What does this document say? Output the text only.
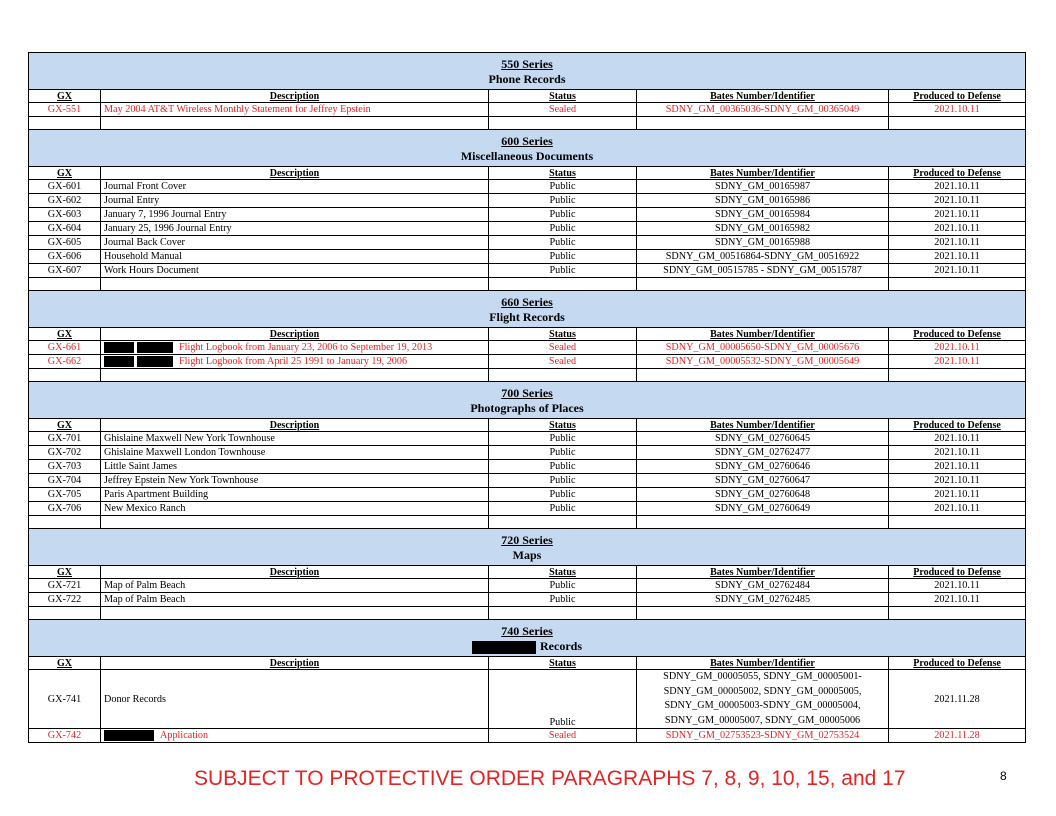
550 Series
Phone Records				

GX	Description	Status	Bates Number/Identifier	Produced to Defense
GX-551	May 2004 AT&T Wireless Monthly Statement for Jeffrey Epstein	Sealed	SDNY_GM_00365036-SDNY_GM_00365049	2021.10.11

600 Series
Miscellaneous Documents				

GX	Description	Status	Bates Number/Identifier	Produced to Defense
GX-601	Journal Front Cover	Public	SDNY_GM_00165987	2021.10.11
GX-602	Journal Entry	Public	SDNY_GM_00165986	2021.10.11
GX-603	January 7, 1996 Journal Entry	Public	SDNY_GM_00165984	2021.10.11
GX-604	January 25, 1996 Journal Entry	Public	SDNY_GM_00165982	2021.10.11
GX-605	Journal Back Cover	Public	SDNY_GM_00165988	2021.10.11
GX-606	Household Manual	Public	SDNY_GM_00516864-SDNY_GM_00516922	2021.10.11
GX-607	Work Hours Document	Public	SDNY_GM_00515785 - SDNY_GM_00515787	2021.10.11

660 Series
Flight Records				

GX	Description	Status	Bates Number/Identifier	Produced to Defense
GX-661	Flight Logbook from January 23, 2006 to September 19, 2013	Sealed	SDNY_GM_00005650-SDNY_GM_00005676	2021.10.11
GX-662	Flight Logbook from April 25 1991 to January 19, 2006	Sealed	SDNY_GM_00005532-SDNY_GM_00005649	2021.10.11

700 Series
Photographs of Places				

GX	Description	Status	Bates Number/Identifier	Produced to Defense
GX-701	Ghislaine Maxwell New York Townhouse	Public	SDNY_GM_02760645	2021.10.11
GX-702	Ghislaine Maxwell London Townhouse	Public	SDNY_GM_02762477	2021.10.11
GX-703	Little Saint James	Public	SDNY_GM_02760646	2021.10.11
GX-704	Jeffrey Epstein New York Townhouse	Public	SDNY_GM_02760647	2021.10.11
GX-705	Paris Apartment Building	Public	SDNY_GM_02760648	2021.10.11
GX-706	New Mexico Ranch	Public	SDNY_GM_02760649	2021.10.11

720 Series
Maps				

GX	Description	Status	Bates Number/Identifier	Produced to Defense
GX-721	Map of Palm Beach	Public	SDNY_GM_02762484	2021.10.11
GX-722	Map of Palm Beach	Public	SDNY_GM_02762485	2021.10.11

740 Series
Records				

GX	Description	Status	Bates Number/Identifier	Produced to Defense
GX-741	Donor Records	Public	SDNY_GM_00005055, SDNY_GM_00005001-
SDNY_GM_00005002, SDNY_GM_00005005,
SDNY_GM_00005003-SDNY_GM_00005004,
SDNY_GM_00005007, SDNY_GM_00005006	2021.11.28
GX-742	Application	Sealed	SDNY_GM_02753523-SDNY_GM_02753524	2021.11.28
SUBJECT TO PROTECTIVE ORDER PARAGRAPHS 7, 8, 9, 10, 15, and 17	8
